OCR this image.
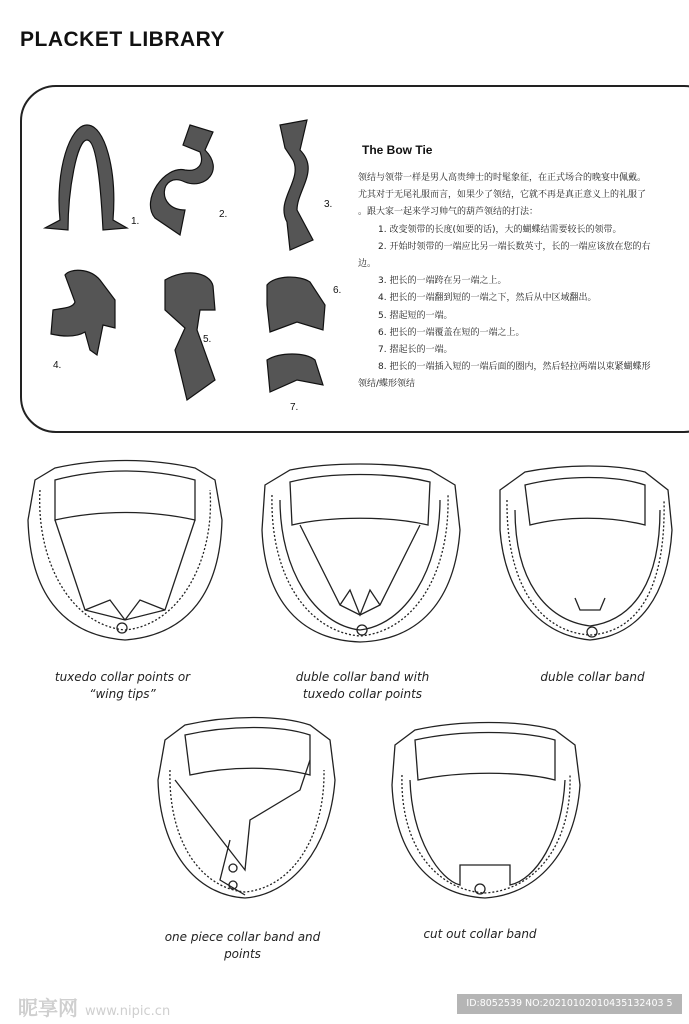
PLACKET LIBRARY
1.
2.
3.
4.
5.
6.
7.
The Bow Tie

领结与领带一样是男人高贵绅士的时髦象征，在正式场合的晚宴中佩戴。

尤其对于无尾礼服而言，如果少了领结，它就不再是真正意义上的礼服了

。跟大家一起来学习帅气的葫芦领结的打法：

1. 改变领带的长度(如要的话)，大的蝴蝶结需要较长的领带。

2. 开始时领带的一端应比另一端长数英寸，长的一端应该放在您的右

边。

3. 把长的一端跨在另一端之上。

4. 把长的一端翻到短的一端之下，然后从中区域翻出。

5. 摺起短的一端。

6. 把长的一端覆盖在短的一端之上。

7. 摺起长的一端。

8. 把长的一端插入短的一端后面的圈内，然后轻拉两端以束紧蝴蝶形

领结/蝶形领结

tuxedo collar points or
“wing tips”
duble collar band with
tuxedo collar points
duble collar band
one piece collar band and
points
cut out collar band
昵享网 www.nipic.cn
ID:8052539 NO:20210102010435132403 5
